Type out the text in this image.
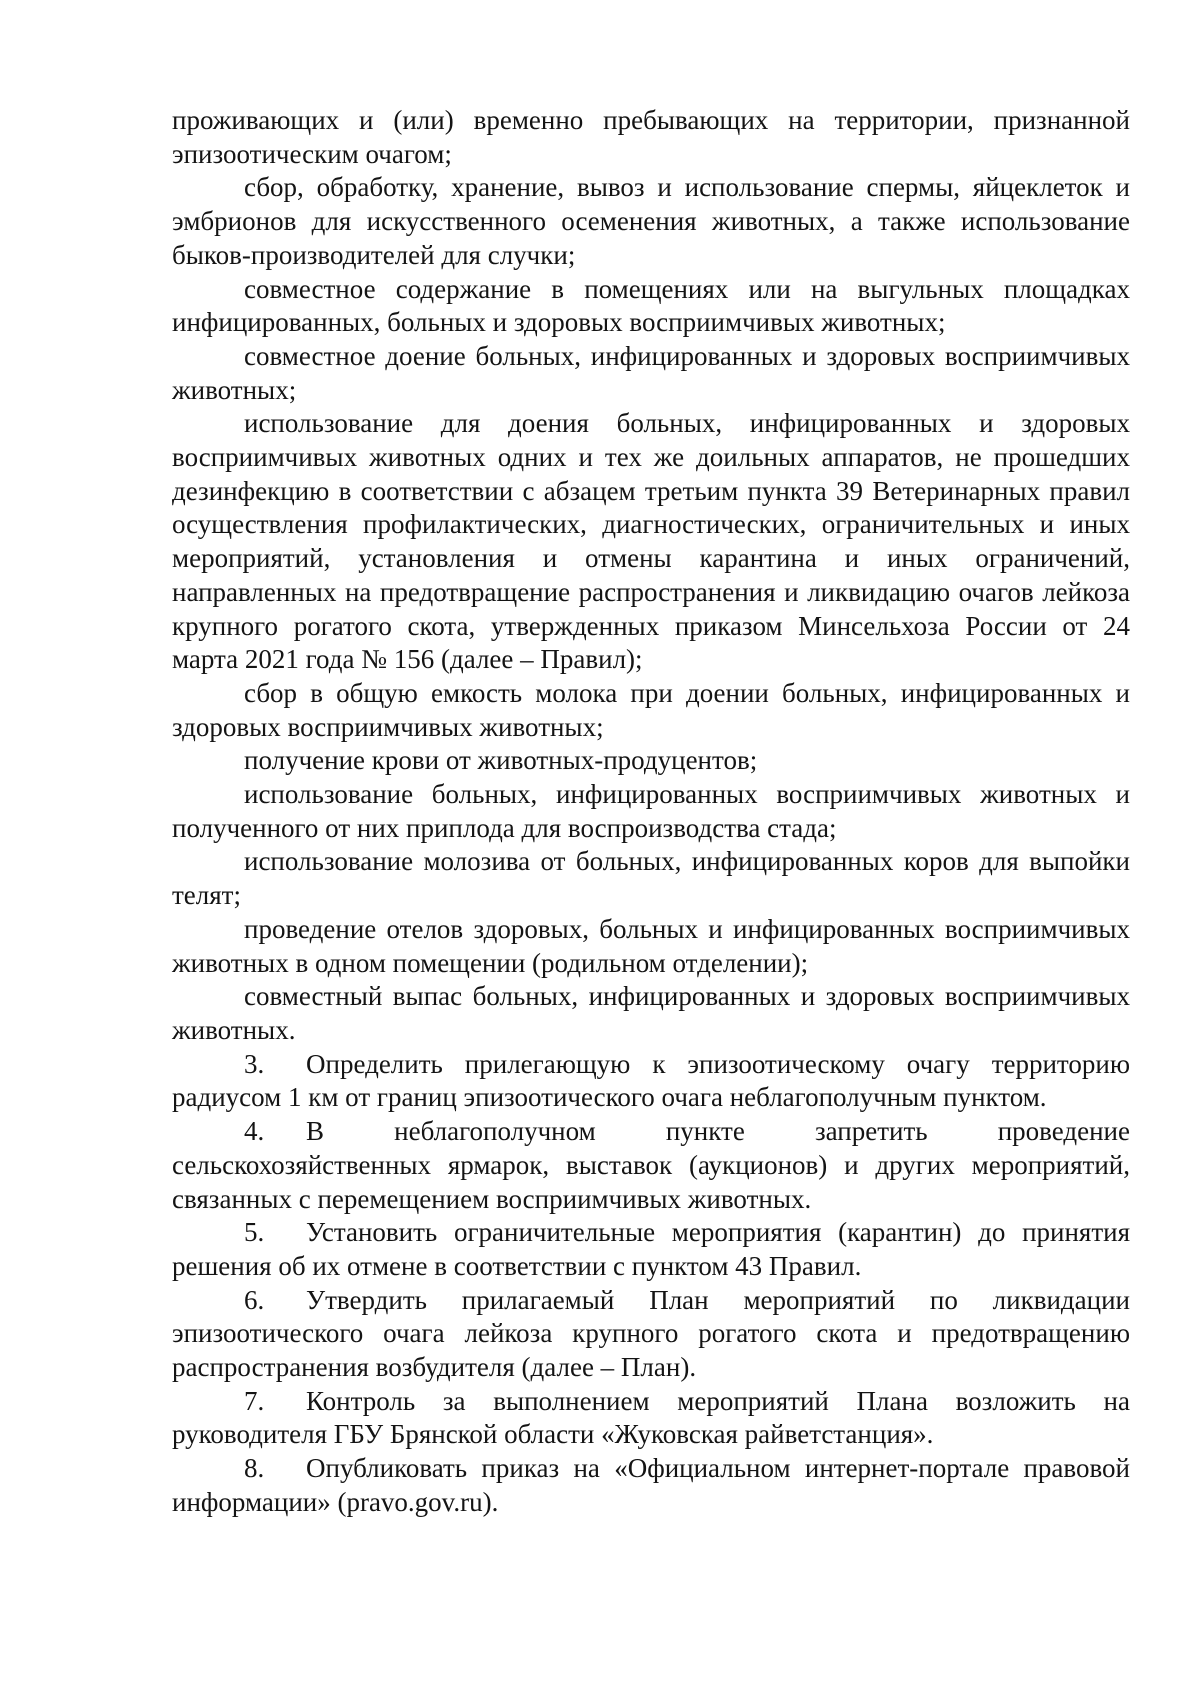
проживающих и (или) временно пребывающих на территории, признанной эпизоотическим очагом;

сбор, обработку, хранение, вывоз и использование спермы, яйцеклеток и эмбрионов для искусственного осеменения животных, а также использование быков-производителей для случки;

совместное содержание в помещениях или на выгульных площадках инфицированных, больных и здоровых восприимчивых животных;

совместное доение больных, инфицированных и здоровых восприимчивых животных;

использование для доения больных, инфицированных и здоровых восприимчивых животных одних и тех же доильных аппаратов, не прошедших дезинфекцию в соответствии с абзацем третьим пункта 39 Ветеринарных правил осуществления профилактических, диагностических, ограничительных и иных мероприятий, установления и отмены карантина и иных ограничений, направленных на предотвращение распространения и ликвидацию очагов лейкоза крупного рогатого скота, утвержденных приказом Минсельхоза России от 24 марта 2021 года № 156 (далее – Правил);

сбор в общую емкость молока при доении больных, инфицированных и здоровых восприимчивых животных;

получение крови от животных-продуцентов;

использование больных, инфицированных восприимчивых животных и полученного от них приплода для воспроизводства стада;

использование молозива от больных, инфицированных коров для выпойки телят;

проведение отелов здоровых, больных и инфицированных восприимчивых животных в одном помещении (родильном отделении);

совместный выпас больных, инфицированных и здоровых восприимчивых животных.

3. Определить прилегающую к эпизоотическому очагу территорию радиусом 1 км от границ эпизоотического очага неблагополучным пунктом.

4. В неблагополучном пункте запретить проведение сельскохозяйственных ярмарок, выставок (аукционов) и других мероприятий, связанных с перемещением восприимчивых животных.

5. Установить ограничительные мероприятия (карантин) до принятия решения об их отмене в соответствии с пунктом 43 Правил.

6. Утвердить прилагаемый План мероприятий по ликвидации эпизоотического очага лейкоза крупного рогатого скота и предотвращению распространения возбудителя (далее – План).

7. Контроль за выполнением мероприятий Плана возложить на руководителя ГБУ Брянской области «Жуковская райветстанция».

8. Опубликовать приказ на «Официальном интернет-портале правовой информации» (pravo.gov.ru).
